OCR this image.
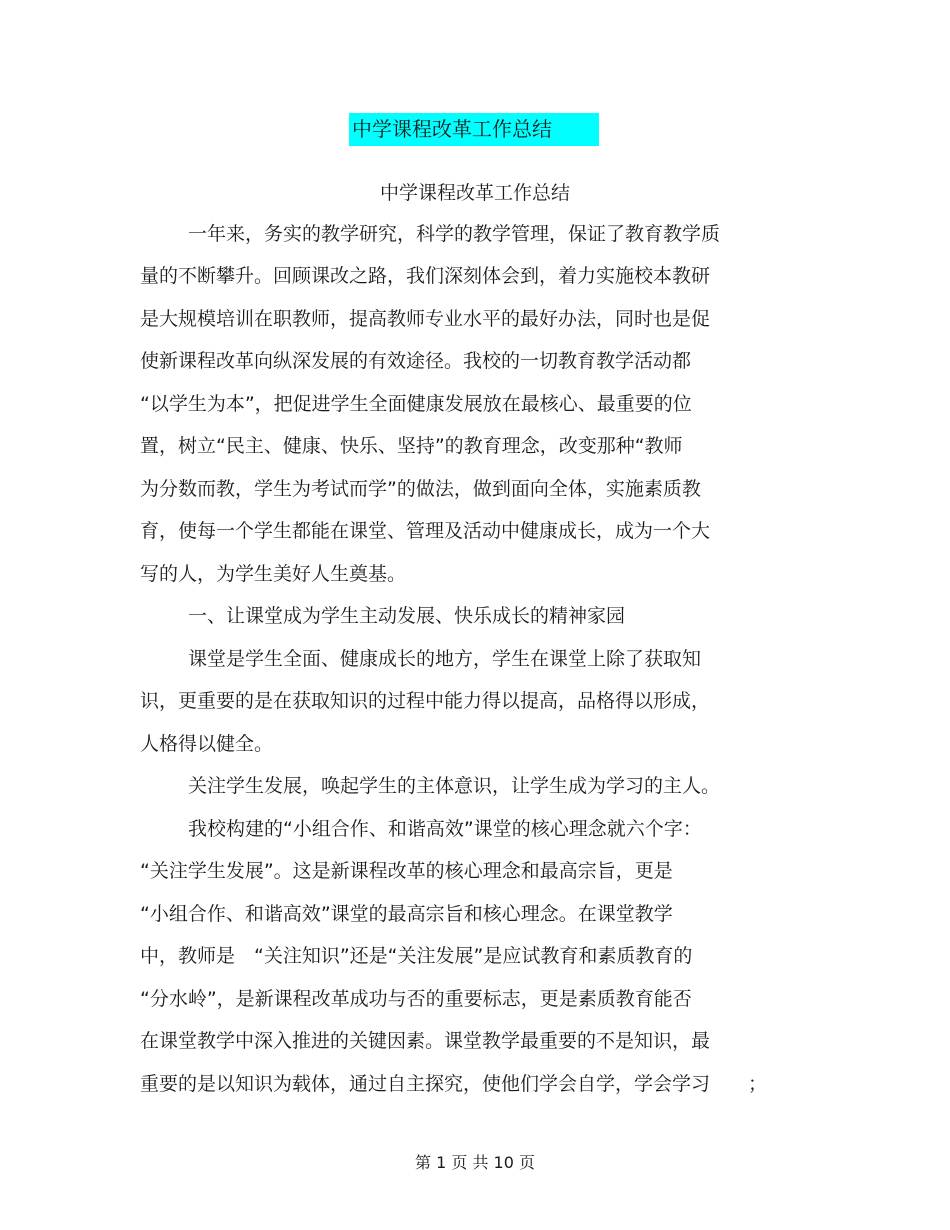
中学课程改革工作总结
中学课程改革工作总结
一年来，务实的教学研究，科学的教学管理，保证了教育教学质
量的不断攀升。回顾课改之路，我们深刻体会到，着力实施校本教研
是大规模培训在职教师，提高教师专业水平的最好办法，同时也是促
使新课程改革向纵深发展的有效途径。我校的一切教育教学活动都
“以学生为本”，把促进学生全面健康发展放在最核心、最重要的位
置，树立“民主、健康、快乐、坚持”的教育理念，改变那种“教师
为分数而教，学生为考试而学”的做法，做到面向全体，实施素质教
育，使每一个学生都能在课堂、管理及活动中健康成长，成为一个大
写的人，为学生美好人生奠基。
一、让课堂成为学生主动发展、快乐成长的精神家园
课堂是学生全面、健康成长的地方，学生在课堂上除了获取知
识，更重要的是在获取知识的过程中能力得以提高，品格得以形成，
人格得以健全。
关注学生发展，唤起学生的主体意识，让学生成为学习的主人。
我校构建的“小组合作、和谐高效”课堂的核心理念就六个字：
“关注学生发展”。这是新课程改革的核心理念和最高宗旨，更是
“小组合作、和谐高效”课堂的最高宗旨和核心理念。在课堂教学
中，教师是　“关注知识”还是“关注发展”是应试教育和素质教育的
“分水岭”，是新课程改革成功与否的重要标志，更是素质教育能否
在课堂教学中深入推进的关键因素。课堂教学最重要的不是知识，最
重要的是以知识为载体，通过自主探究，使他们学会自学，学会学习　　；
第 1 页 共 10 页
